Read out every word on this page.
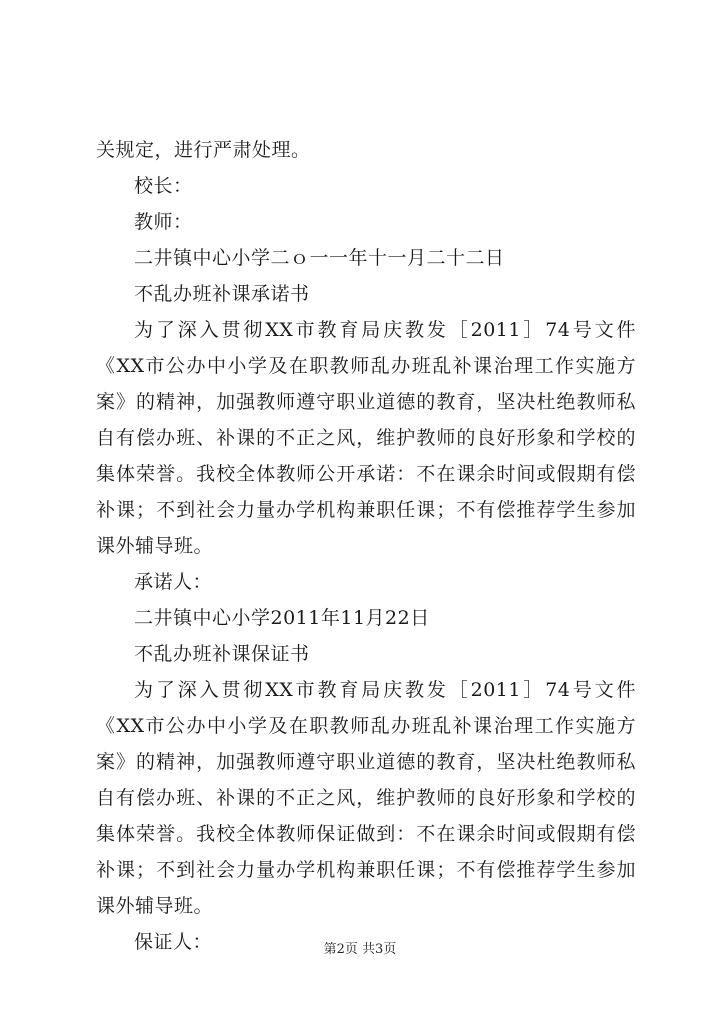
关规定，进行严肃处理。
校长：
教师：
二井镇中心小学二ｏ一一年十一月二十二日
不乱办班补课承诺书

为了深入贯彻XX市教育局庆教发［2011］74号文件《XX市公办中小学及在职教师乱办班乱补课治理工作实施方案》的精神，加强教师遵守职业道德的教育，坚决杜绝教师私自有偿办班、补课的不正之风，维护教师的良好形象和学校的集体荣誉。我校全体教师公开承诺：不在课余时间或假期有偿补课；不到社会力量办学机构兼职任课；不有偿推荐学生参加课外辅导班。

承诺人：
二井镇中心小学2011年11月22日
不乱办班补课保证书

为了深入贯彻XX市教育局庆教发［2011］74号文件《XX市公办中小学及在职教师乱办班乱补课治理工作实施方案》的精神，加强教师遵守职业道德的教育，坚决杜绝教师私自有偿办班、补课的不正之风，维护教师的良好形象和学校的集体荣誉。我校全体教师保证做到：不在课余时间或假期有偿补课；不到社会力量办学机构兼职任课；不有偿推荐学生参加课外辅导班。

保证人：	第2页 共3页
